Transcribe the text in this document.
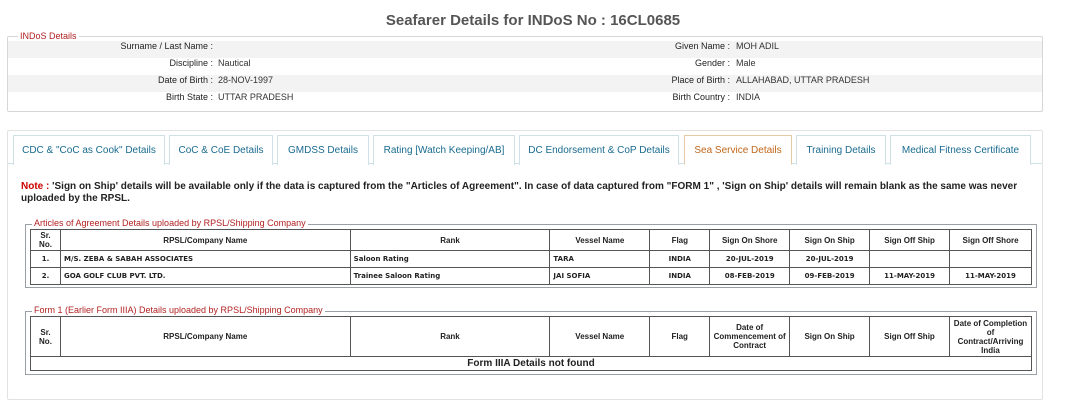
Seafarer Details for INDoS No : 16CL0685
INDoS Details
Surname / Last Name :	Given Name : MOH ADIL
Discipline : Nautical	Gender : Male
Date of Birth : 28-NOV-1997	Place of Birth : ALLAHABAD, UTTAR PRADESH
Birth State : UTTAR PRADESH	Birth Country : INDIA
CDC & "CoC as Cook" Details	CoC & CoE Details	GMDSS Details	Rating [Watch Keeping/AB]	DC Endorsement & CoP Details	Sea Service Details	Training Details	Medical Fitness Certificate
Note : 'Sign on Ship' details will be available only if the data is captured from the "Articles of Agreement". In case of data captured from "FORM 1" , 'Sign on Ship' details will remain blank as the same was never uploaded by the RPSL.
Articles of Agreement Details uploaded by RPSL/Shipping Company
Sr. No.	RPSL/Company Name	Rank	Vessel Name	Flag	Sign On Shore	Sign On Ship	Sign Off Ship	Sign Off Shore
1.	M/S. ZEBA & SABAH ASSOCIATES	Saloon Rating	TARA	INDIA	20-JUL-2019	20-JUL-2019		
2.	GOA GOLF CLUB PVT. LTD.	Trainee Saloon Rating	JAI SOFIA	INDIA	08-FEB-2019	09-FEB-2019	11-MAY-2019	11-MAY-2019
Form 1 (Earlier Form IIIA) Details uploaded by RPSL/Shipping Company
Sr. No.	RPSL/Company Name	Rank	Vessel Name	Flag	Date of Commencement of Contract	Sign On Ship	Sign Off Ship	Date of Completion of Contract/Arriving India
Form IIIA Details not found
